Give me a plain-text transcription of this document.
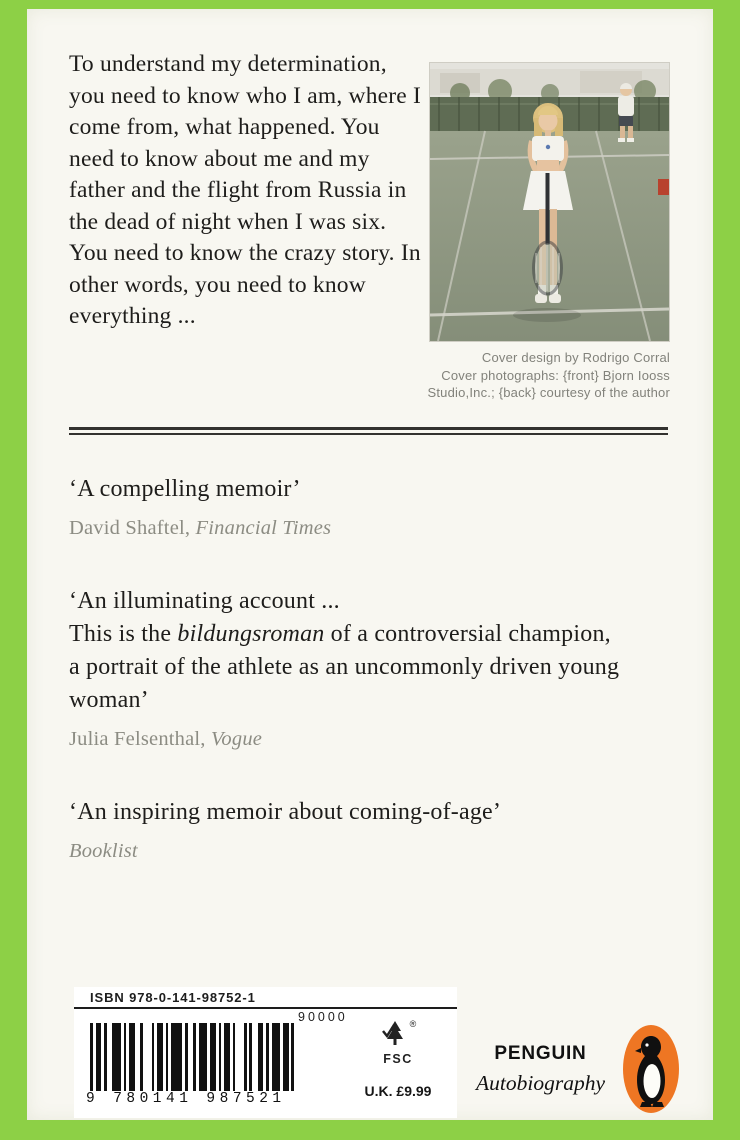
To understand my determination, you need to know who I am, where I come from, what happened. You need to know about me and my father and the flight from Russia in the dead of night when I was six. You need to know the crazy story. In other words, you need to know everything ...

Cover design by Rodrigo Corral
Cover photographs: {front} Bjorn Iooss
Studio,Inc.; {back} courtesy of the author

‘A compelling memoir’

David Shaftel, Financial Times

‘An illuminating account ...
This is the bildungsroman of a controversial champion, a portrait of the athlete as an uncommonly driven young woman’

Julia Felsenthal, Vogue

‘An inspiring memoir about coming-of-age’

Booklist

ISBN 978-0-141-98752-1
90000
9 780141 987521
®
FSC
U.K. £9.99
PENGUIN
Autobiography
